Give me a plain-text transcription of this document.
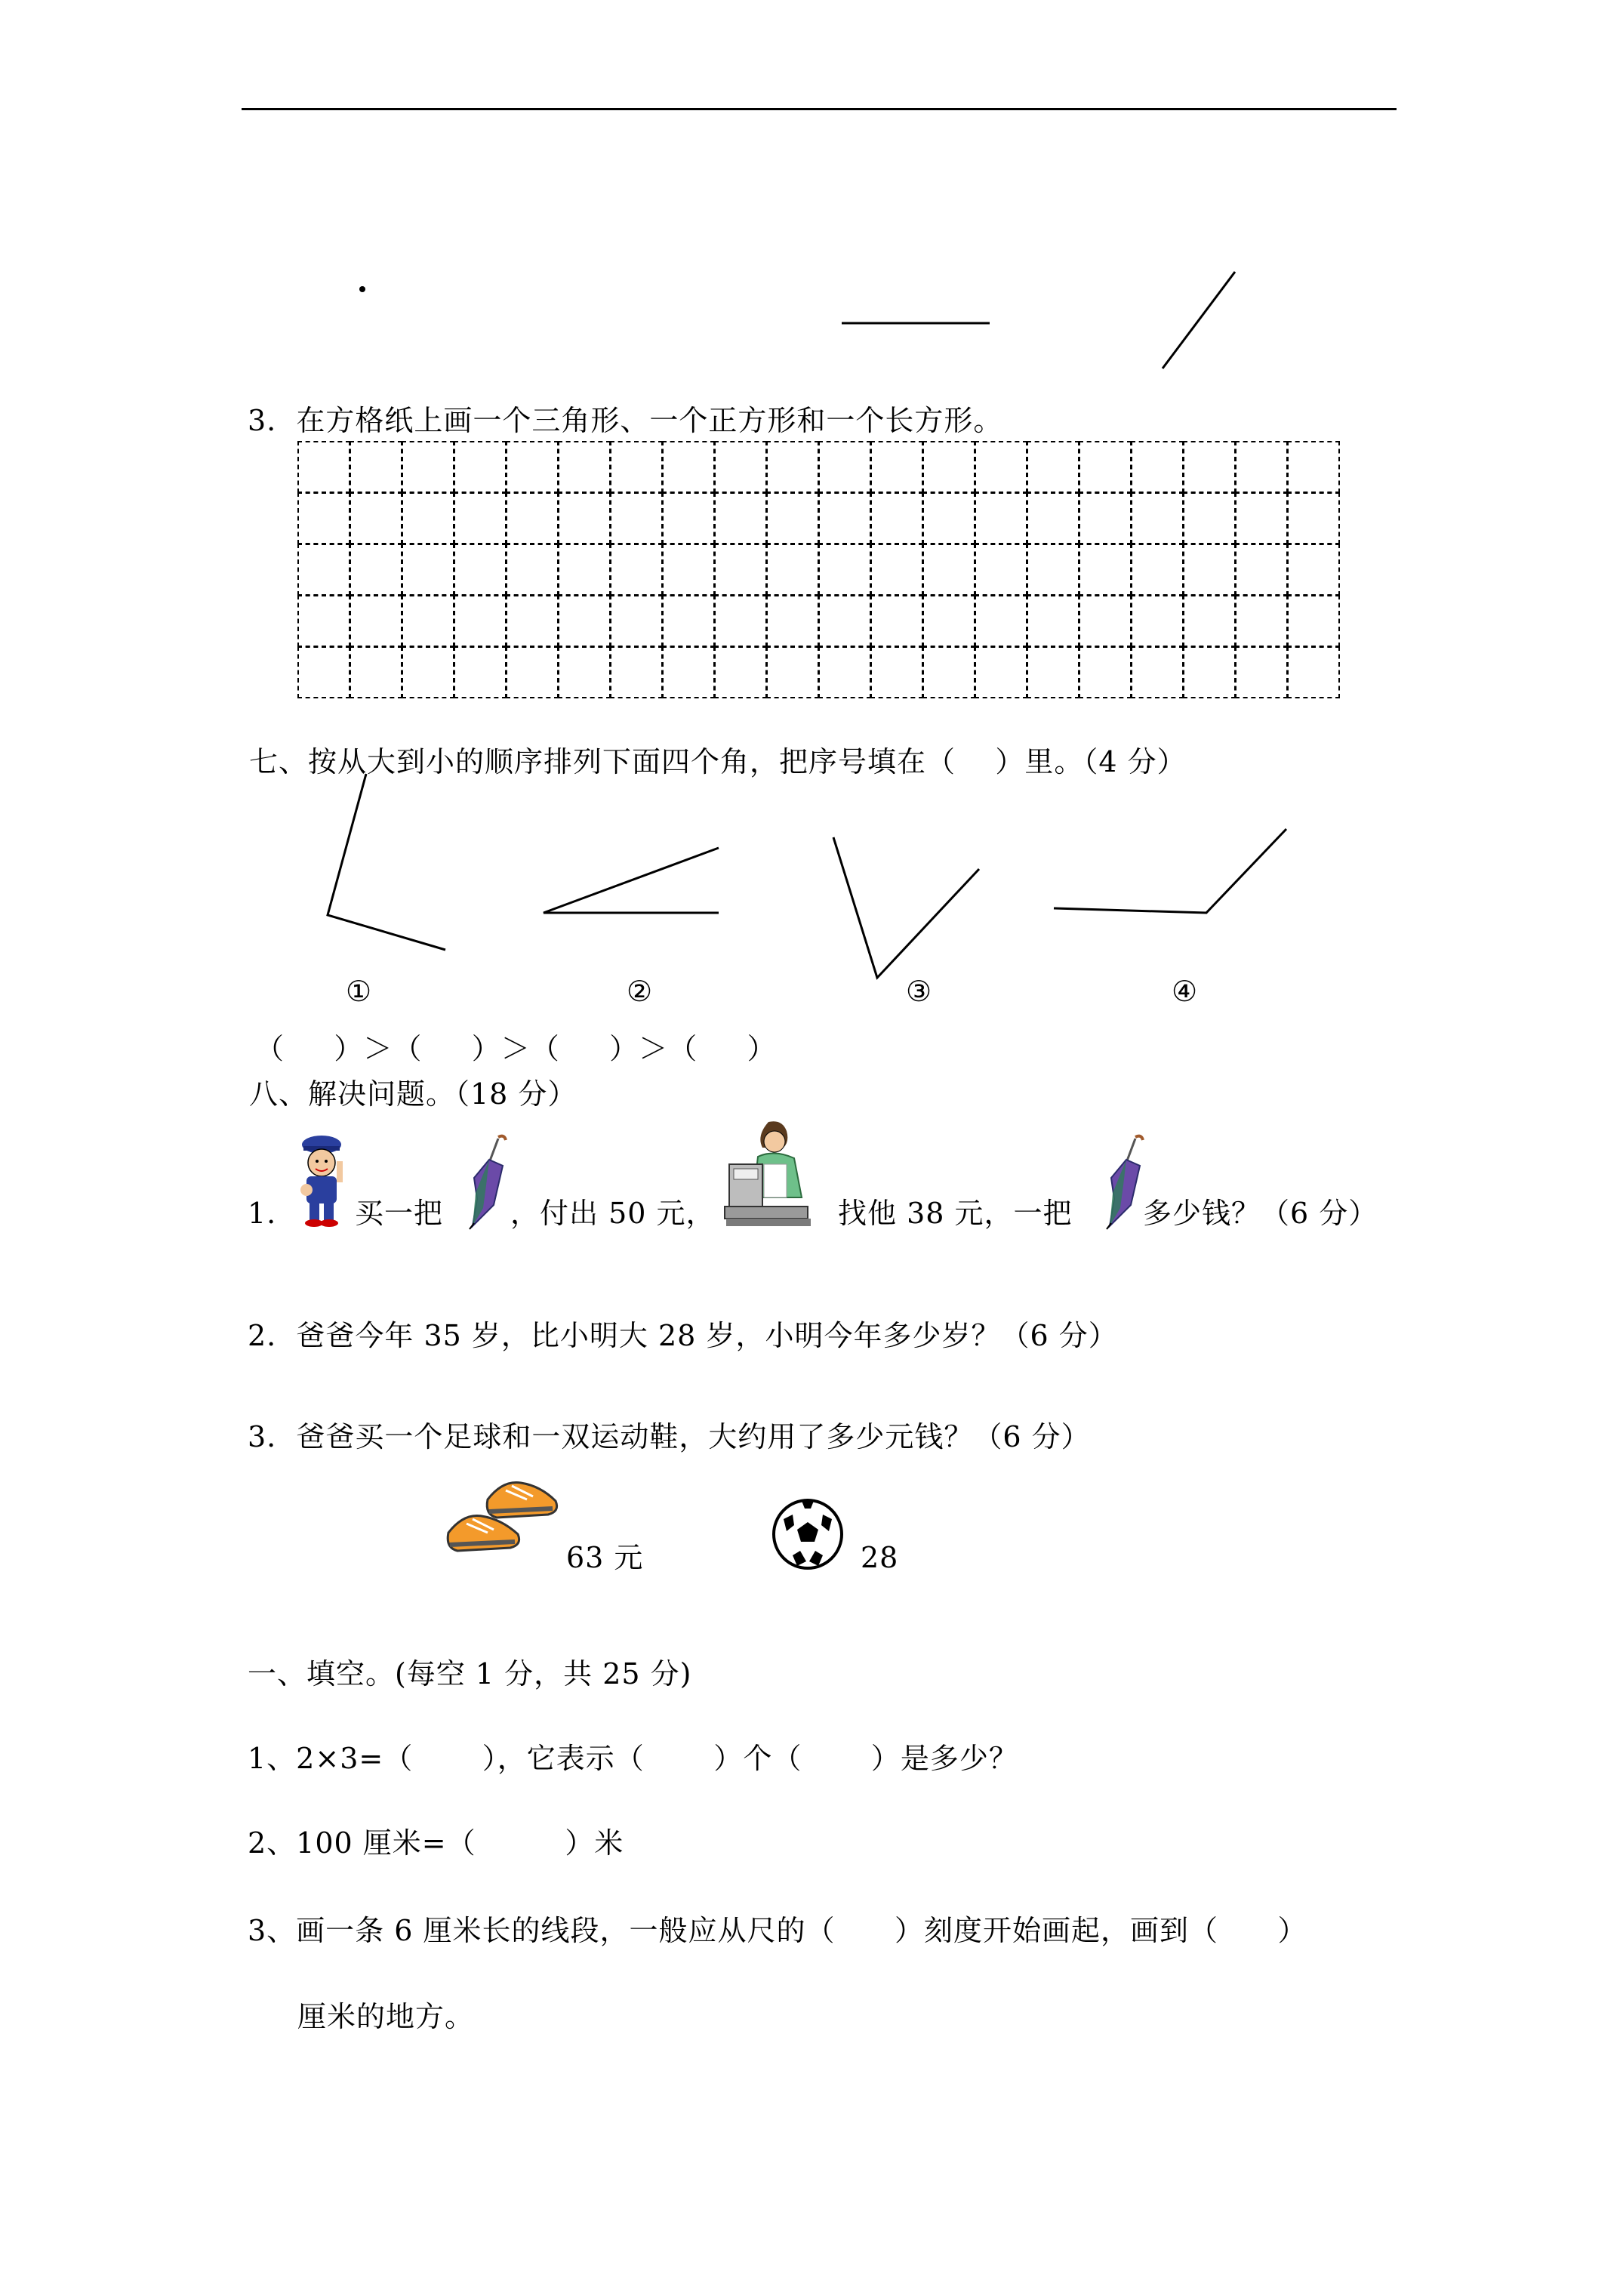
3.  在方格纸上画一个三角形、一个正方形和一个长方形。
七、按从大到小的顺序排列下面四个角，把序号填在（    ）里。（4 分）
①	②	③	④
（     ）＞（     ）＞（     ）＞（     ）
八、解决问题。（18 分）
1.	买一把 ，付出 50 元，	找他 38 元，一把 多少钱？（6 分）
2.  爸爸今年 35 岁，比小明大 28 岁，小明今年多少岁？（6 分）
3.  爸爸买一个足球和一双运动鞋，大约用了多少元钱？（6 分）
63 元	28
一、填空。(每空 1 分，共 25 分)
1、2×3=（       ），它表示（       ）个（       ）是多少？
2、100 厘米=（         ）米
3、画一条 6 厘米长的线段，一般应从尺的（      ）刻度开始画起，画到（      ）
厘米的地方。
